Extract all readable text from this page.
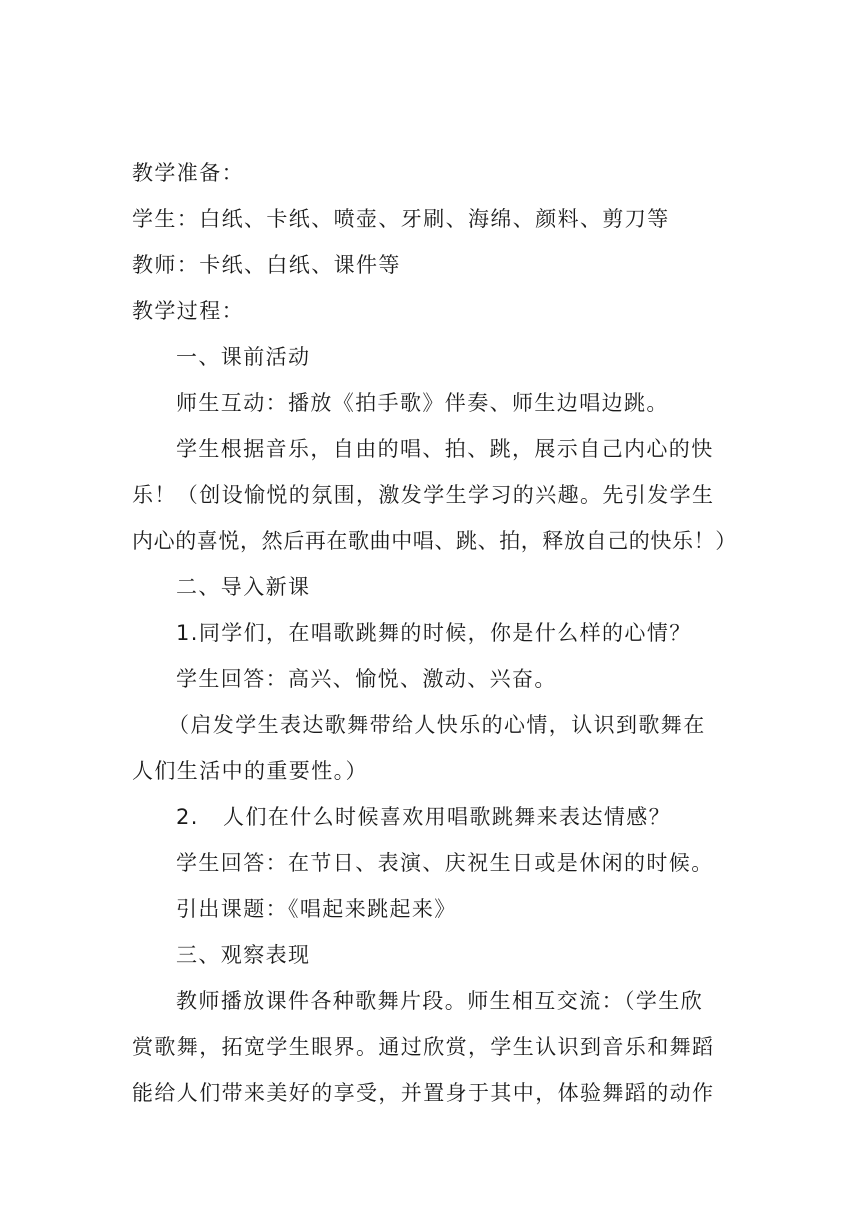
教学准备：
学生：白纸、卡纸、喷壶、牙刷、海绵、颜料、剪刀等
教师：卡纸、白纸、课件等
教学过程：
一、课前活动
师生互动：播放《拍手歌》伴奏、师生边唱边跳。
学生根据音乐，自由的唱、拍、跳，展示自己内心的快
乐！（创设愉悦的氛围，激发学生学习的兴趣。先引发学生
内心的喜悦，然后再在歌曲中唱、跳、拍，释放自己的快乐！）
二、导入新课
1.同学们，在唱歌跳舞的时候，你是什么样的心情？
学生回答：高兴、愉悦、激动、兴奋。
（启发学生表达歌舞带给人快乐的心情，认识到歌舞在
人们生活中的重要性。）
2.   人们在什么时候喜欢用唱歌跳舞来表达情感？
学生回答：在节日、表演、庆祝生日或是休闲的时候。
引出课题：《唱起来跳起来》
三、观察表现
教师播放课件各种歌舞片段。师生相互交流：（学生欣
赏歌舞，拓宽学生眼界。通过欣赏，学生认识到音乐和舞蹈
能给人们带来美好的享受，并置身于其中，体验舞蹈的动作
